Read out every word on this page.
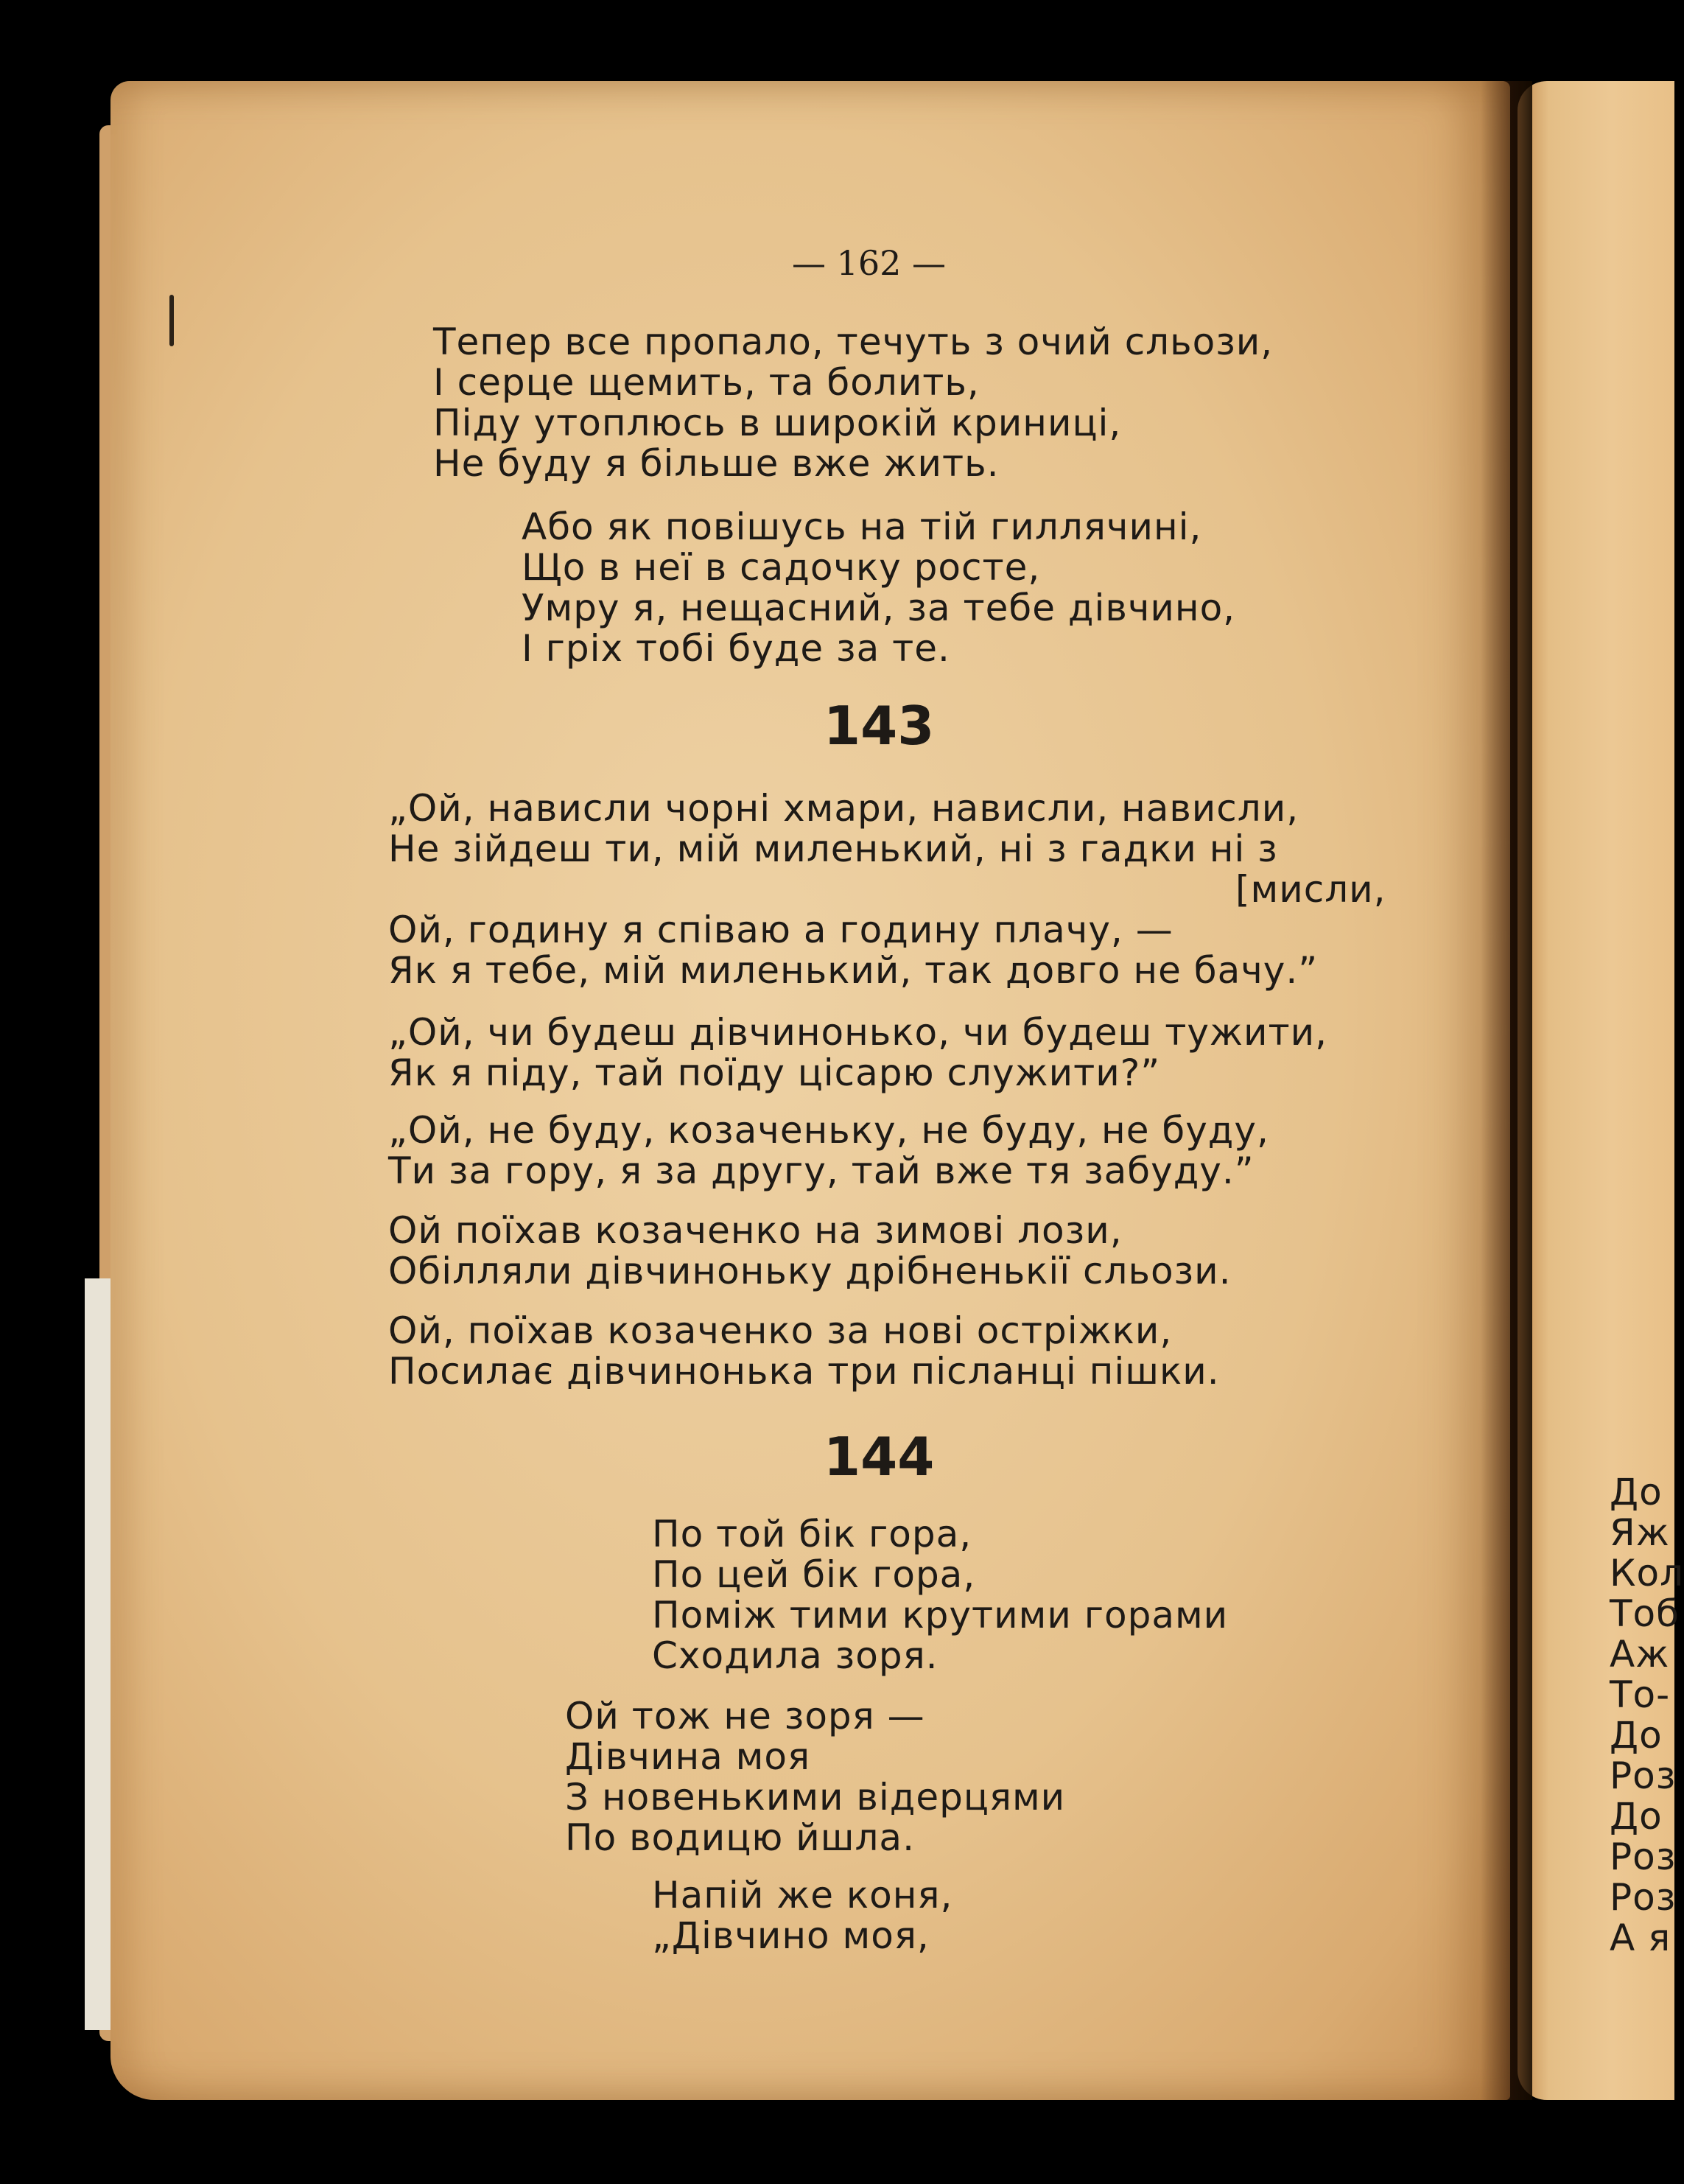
— 162 —
Тепер все пропало, течуть з очий сльози,
І серце щемить, та болить,
Піду утоплюсь в широкій криниці,
Не буду я більше вже жить.
Або як повішусь на тій гиллячині,
Що в неї в садочку росте,
Умру я, нещасний, за тебе дівчино,
І гріх тобі буде за те.
143
„Ой, нависли чорні хмари, нависли, нависли,
Не зійдеш ти, мій миленький, ні з гадки ні з
[мисли,
Ой, годину я співаю а годину плачу, —
Як я тебе, мій миленький, так довго не бачу.”
„Ой, чи будеш дівчинонько, чи будеш тужити,
Як я піду, тай поїду цісарю служити?”
„Ой, не буду, козаченьку, не буду, не буду,
Ти за гору, я за другу, тай вже тя забуду.”
Ой поїхав козаченко на зимові лози,
Обілляли дівчиноньку дрібненькії сльози.
Ой, поїхав козаченко за нові остріжки,
Посилає дівчинонька три післанці пішки.
144
По той бік гора,
По цей бік гора,
Поміж тими крутими горами
Сходила зоря.
Ой тож не зоря —
Дівчина моя
З новенькими відерцями
По водицю йшла.
Напій же коня,
„Дівчино моя,
Дo
Яж
Кол
Тоб
Аж
То-
Дo
Роз
Дo
Роз
Роз
А я
